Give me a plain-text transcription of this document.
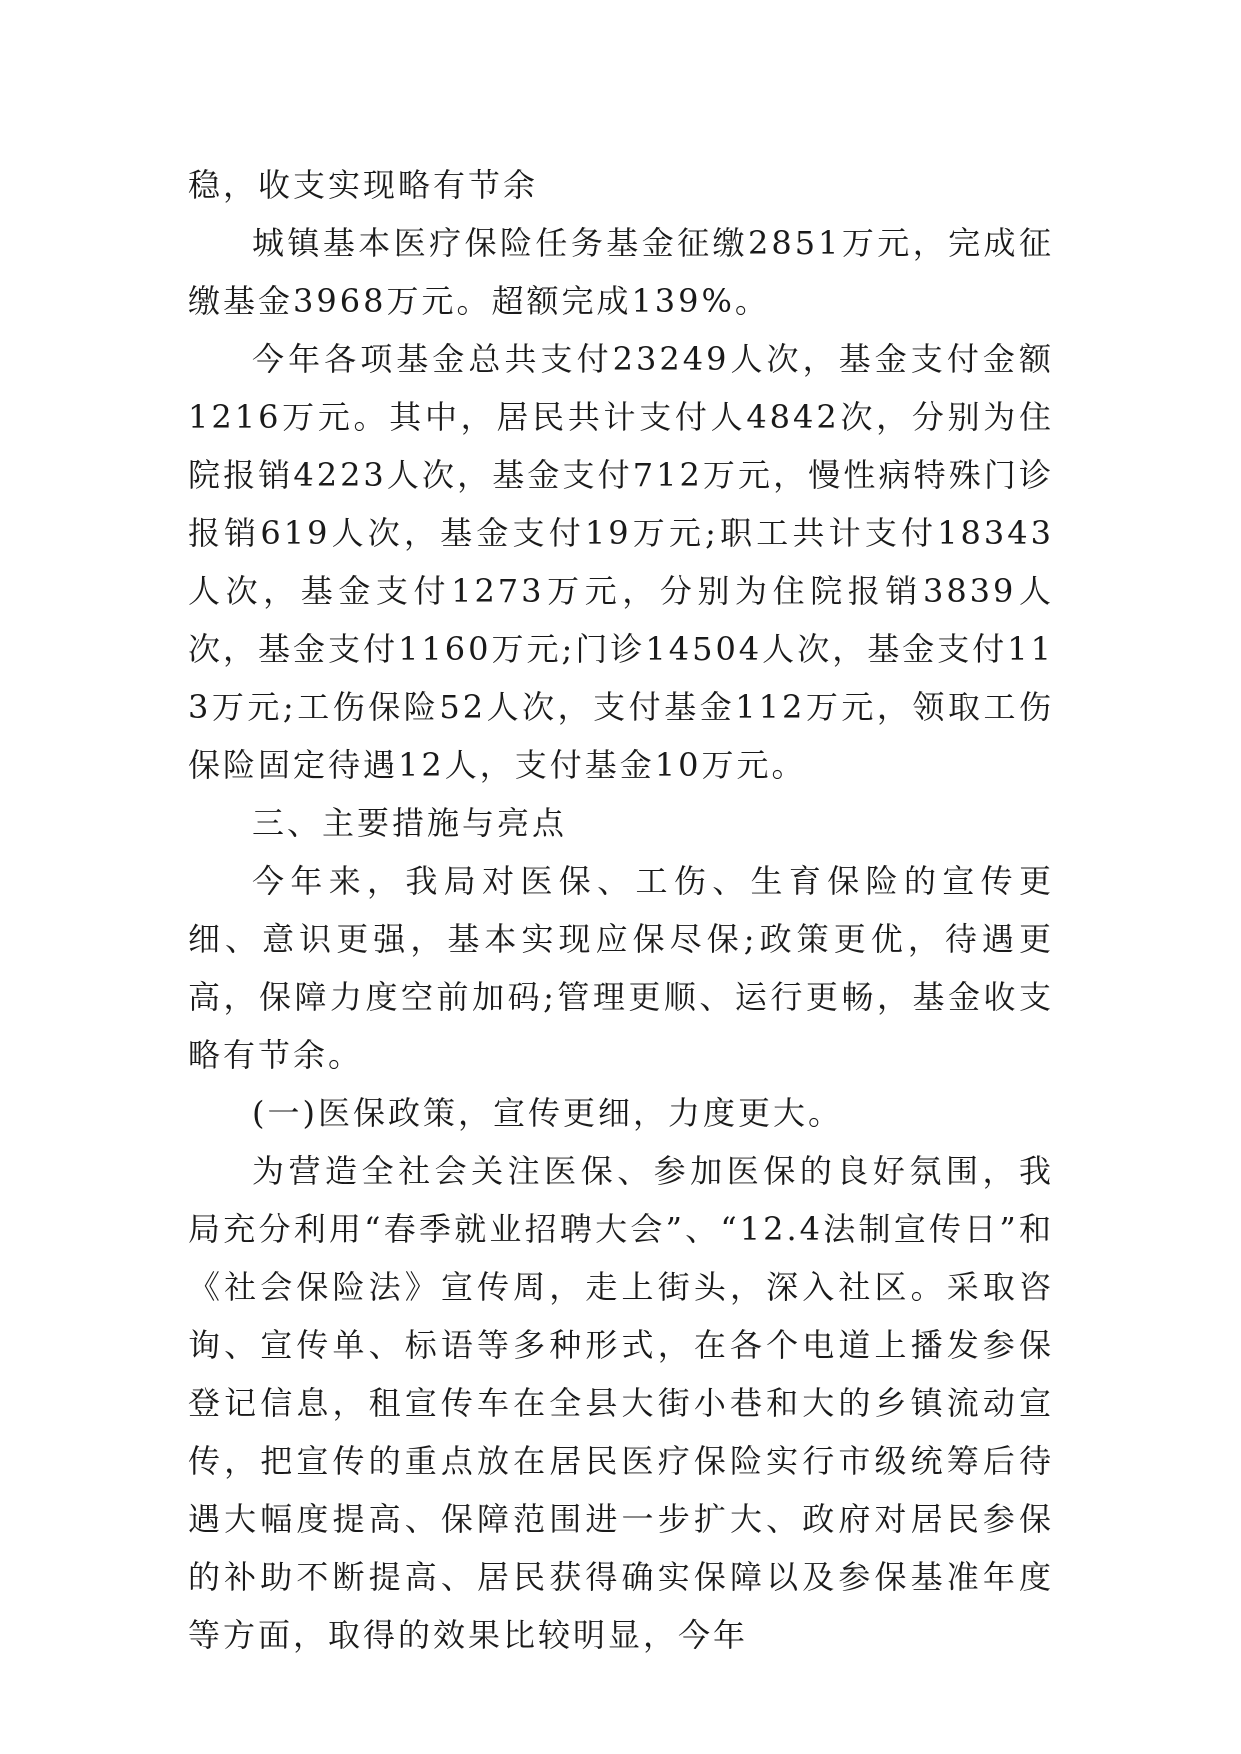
稳，收支实现略有节余

城镇基本医疗保险任务基金征缴2851万元，完成征缴基金3968万元。超额完成139%。

今年各项基金总共支付23249人次，基金支付金额1216万元。其中，居民共计支付人4842次，分别为住院报销4223人次，基金支付712万元，慢性病特殊门诊报销619人次，基金支付19万元;职工共计支付18343人次，基金支付1273万元，分别为住院报销3839人次，基金支付1160万元;门诊14504人次，基金支付113万元;工伤保险52人次，支付基金112万元，领取工伤保险固定待遇12人，支付基金10万元。

三、主要措施与亮点

今年来，我局对医保、工伤、生育保险的宣传更细、意识更强，基本实现应保尽保;政策更优，待遇更高，保障力度空前加码;管理更顺、运行更畅，基金收支略有节余。

(一)医保政策，宣传更细，力度更大。

为营造全社会关注医保、参加医保的良好氛围，我局充分利用“春季就业招聘大会”、“12.4法制宣传日”和《社会保险法》宣传周，走上街头，深入社区。采取咨询、宣传单、标语等多种形式，在各个电道上播发参保登记信息，租宣传车在全县大街小巷和大的乡镇流动宣传，把宣传的重点放在居民医疗保险实行市级统筹后待遇大幅度提高、保障范围进一步扩大、政府对居民参保的补助不断提高、居民获得确实保障以及参保基准年度等方面，取得的效果比较明显，今年
